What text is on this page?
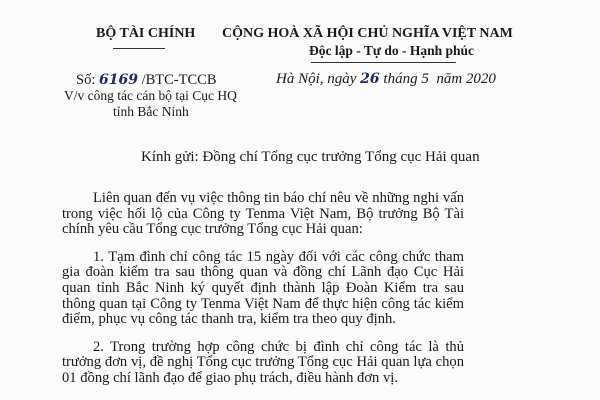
BỘ TÀI CHÍNH CỘNG HOÀ XÃ HỘI CHỦ NGHĨA VIỆT NAM
Độc lập - Tự do - Hạnh phúc
Số: 6169 /BTC-TCCB
V/v công tác cán bộ tại Cục HQ
tỉnh Bắc Ninh
Hà Nội, ngày 26 tháng 5 năm 2020
Kính gửi: Đồng chí Tổng cục trưởng Tổng cục Hải quan

Liên quan đến vụ việc thông tin báo chí nêu về những nghi vấn trong việc hối lộ của Công ty Tenma Việt Nam, Bộ trưởng Bộ Tài chính yêu cầu Tổng cục trưởng Tổng cục Hải quan:

1. Tạm đình chỉ công tác 15 ngày đối với các công chức tham gia đoàn kiểm tra sau thông quan và đồng chí Lãnh đạo Cục Hải quan tỉnh Bắc Ninh ký quyết định thành lập Đoàn Kiểm tra sau thông quan tại Công ty Tenma Việt Nam để thực hiện công tác kiểm điểm, phục vụ công tác thanh tra, kiểm tra theo quy định.

2. Trong trường hợp công chức bị đình chỉ công tác là thủ trưởng đơn vị, đề nghị Tổng cục trưởng Tổng cục Hải quan lựa chọn 01 đồng chí lãnh đạo để giao phụ trách, điều hành đơn vị.
